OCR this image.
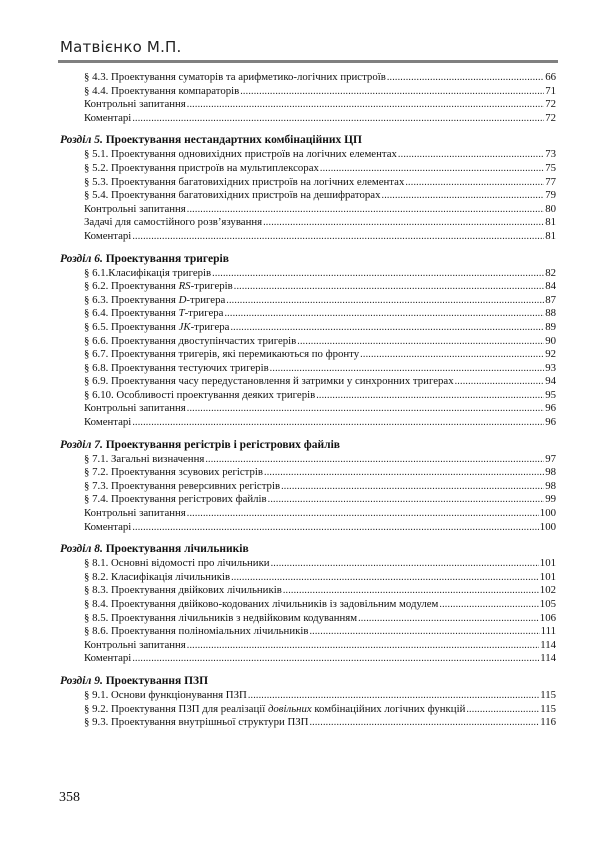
Матвієнко М.П.
§ 4.3. Проектування суматорів та арифметико-логічних пристроїв .....	66
§ 4.4. Проектування компараторів .....	71
Контрольні запитання .....	72
Коментарі .....	72
Розділ 5. Проектування нестандартних комбінаційних ЦП
§ 5.1. Проектування одновихідних пристроїв на логічних елементах .....	73
§ 5.2. Проектування пристроїв на мультиплексорах .....	75
§ 5.3. Проектування багатовихідних пристроїв на логічних елементах .....	77
§ 5.4. Проектування багатовихідних пристроїв на дешифраторах .....	79
Контрольні запитання .....	80
Задачі для самостійного розв’язування .....	81
Коментарі .....	81
Розділ 6. Проектування тригерів
§ 6.1.Класифікація тригерів .....	82
§ 6.2. Проектування RS-тригерів .....	84
§ 6.3. Проектування D-тригера .....	87
§ 6.4. Проектування T-тригера .....	88
§ 6.5. Проектування JK-тригера .....	89
§ 6.6. Проектування двоступінчастих тригерів .....	90
§ 6.7. Проектування тригерів, які перемикаються по фронту .....	92
§ 6.8. Проектування тестуючих тригерів .....	93
§ 6.9. Проектування часу передустановлення й затримки у синхронних тригерах .....	94
§ 6.10. Особливості проектування деяких тригерів .....	95
Контрольні запитання .....	96
Коментарі .....	96
Розділ 7. Проектування регістрів і регістрових файлів
§ 7.1. Загальні визначення .....	97
§ 7.2. Проектування зсувових регістрів .....	98
§ 7.3. Проектування реверсивних регістрів .....	98
§ 7.4. Проектування регістрових файлів .....	99
Контрольні запитання .....	100
Коментарі .....	100
Розділ 8. Проектування лічильників
§ 8.1. Основні відомості про лічильники .....	101
§ 8.2. Класифікація лічильників .....	101
§ 8.3. Проектування двійкових лічильників .....	102
§ 8.4. Проектування двійково-кодованих лічильників із задовільним модулем .....	105
§ 8.5. Проектування лічильників з недвійковим кодуванням .....	106
§ 8.6. Проектування поліноміальних лічильників .....	111
Контрольні запитання .....	114
Коментарі .....	114
Розділ 9. Проектування ПЗП
§ 9.1. Основи функціонування ПЗП .....	115
§ 9.2. Проектування ПЗП для реалізації довільних комбінаційних логічних функцій .....	115
§ 9.3. Проектування внутрішньої структури ПЗП .....	116
358
